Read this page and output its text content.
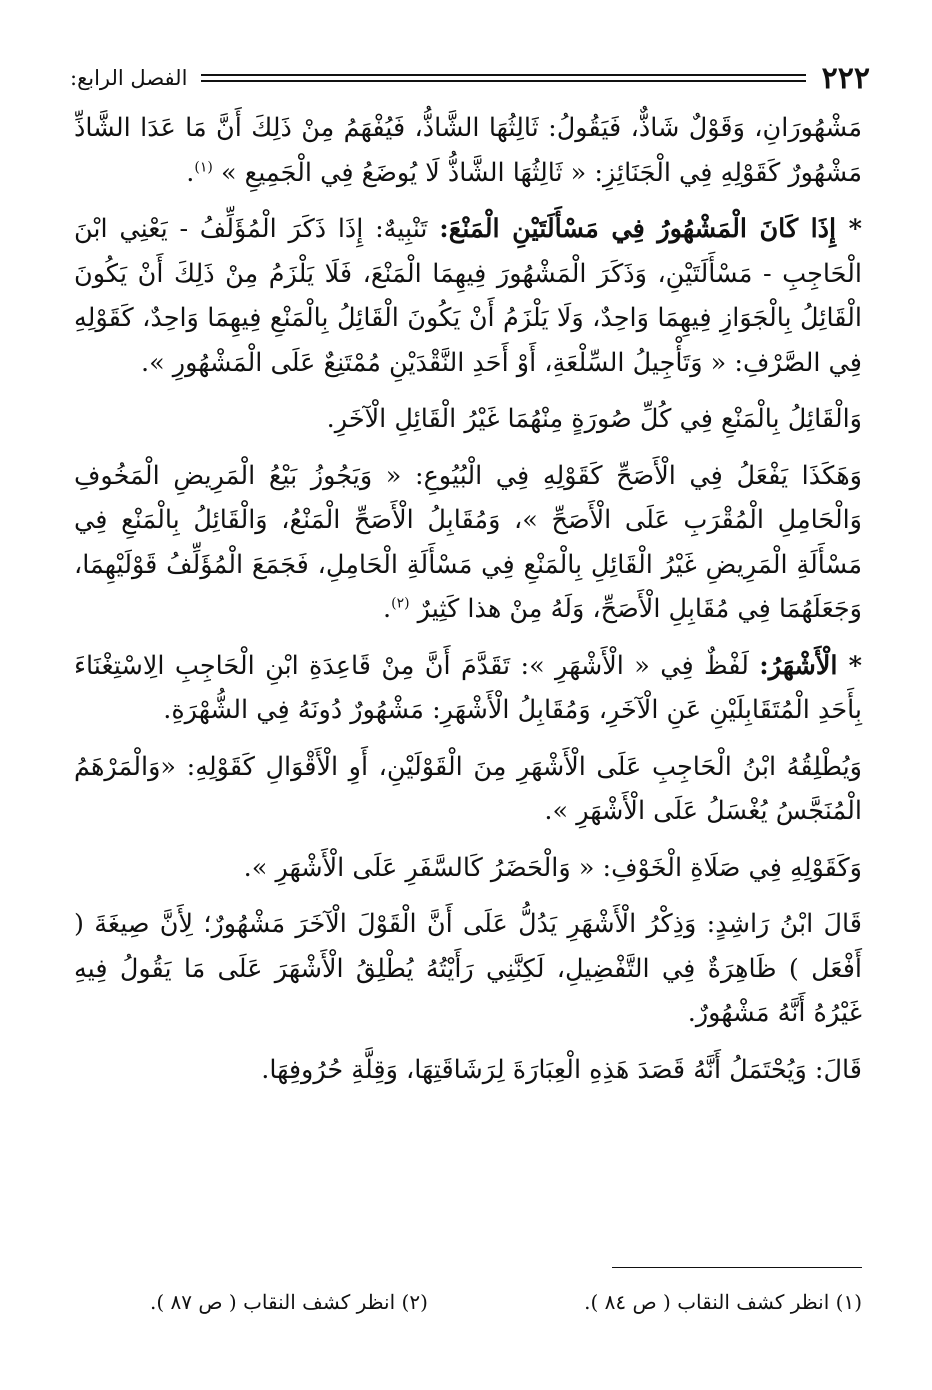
٢٢٢
الفصل الرابع:

مَشْهُورَانِ، وَقَوْلٌ شَاذٌّ، فَيَقُولُ: ثَالِثُهَا الشَّاذُّ، فَيُفْهَمُ مِنْ ذَلِكَ أَنَّ مَا عَدَا الشَّاذِّ مَشْهُورٌ كَقَوْلِهِ فِي الْجَنَائِزِ: « ثَالِثُهَا الشَّاذُّ لَا يُوضَعُ فِي الْجَمِيعِ » $^{(١)}$.

* إِذَا كَانَ الْمَشْهُورُ فِي مَسْأَلَتَيْنِ الْمَنْعَ: تَنْبِيهٌ: إِذَا ذَكَرَ الْمُؤَلِّفُ - يَعْنِي ابْنَ الْحَاجِبِ - مَسْأَلَتَيْنِ، وَذَكَرَ الْمَشْهُورَ فِيهِمَا الْمَنْعَ، فَلَا يَلْزَمُ مِنْ ذَلِكَ أَنْ يَكُونَ الْقَائِلُ بِالْجَوَازِ فِيهِمَا وَاحِدٌ، وَلَا يَلْزَمُ أَنْ يَكُونَ الْقَائِلُ بِالْمَنْعِ فِيهِمَا وَاحِدٌ، كَقَوْلِهِ فِي الصَّرْفِ: « وَتَأْجِيلُ السِّلْعَةِ، أَوْ أَحَدِ النَّقْدَيْنِ مُمْتَنِعٌ عَلَى الْمَشْهُورِ ».

وَالْقَائِلُ بِالْمَنْعِ فِي كُلِّ صُورَةٍ مِنْهُمَا غَيْرُ الْقَائِلِ الْآخَرِ.

وَهَكَذَا يَفْعَلُ فِي الْأَصَحِّ كَقَوْلِهِ فِي الْبُيُوعِ: « وَيَجُوزُ بَيْعُ الْمَرِيضِ الْمَخُوفِ وَالْحَامِلِ الْمُقْرَبِ عَلَى الْأَصَحِّ »، وَمُقَابِلُ الْأَصَحِّ الْمَنْعُ، وَالْقَائِلُ بِالْمَنْعِ فِي مَسْأَلَةِ الْمَرِيضِ غَيْرُ الْقَائِلِ بِالْمَنْعِ فِي مَسْأَلَةِ الْحَامِلِ، فَجَمَعَ الْمُؤَلِّفُ قَوْلَيْهِمَا، وَجَعَلَهُمَا فِي مُقَابِلِ الْأَصَحِّ، وَلَهُ مِنْ هذا كَثِيرٌ $^{(٢)}$.

* الْأَشْهَرُ: لَفْظٌ فِي « الْأَشْهَرِ »: تَقَدَّمَ أَنَّ مِنْ قَاعِدَةِ ابْنِ الْحَاجِبِ الِاسْتِغْنَاءَ بِأَحَدِ الْمُتَقَابِلَيْنِ عَنِ الْآخَرِ، وَمُقَابِلُ الْأَشْهَرِ: مَشْهُورٌ دُونَهُ فِي الشُّهْرَةِ.

وَيُطْلِقُهُ ابْنُ الْحَاجِبِ عَلَى الْأَشْهَرِ مِنَ الْقَوْلَيْنِ، أَوِ الْأَقْوَالِ كَقَوْلِهِ: «وَالْمَرْهَمُ الْمُنَجَّسُ يُغْسَلُ عَلَى الْأَشْهَرِ ».

وَكَقَوْلِهِ فِي صَلَاةِ الْخَوْفِ: « وَالْحَضَرُ كَالسَّفَرِ عَلَى الْأَشْهَرِ ».

قَالَ ابْنُ رَاشِدٍ: وَذِكْرُ الْأَشْهَرِ يَدُلُّ عَلَى أَنَّ الْقَوْلَ الْآخَرَ مَشْهُورٌ؛ لِأَنَّ صِيغَةَ ( أَفْعَل ) ظَاهِرَةٌ فِي التَّفْضِيلِ، لَكِنَّنِي رَأَيْتُهُ يُطْلِقُ الْأَشْهَرَ عَلَى مَا يَقُولُ فِيهِ غَيْرُهُ أَنَّهُ مَشْهُورٌ.

قَالَ: وَيُحْتَمَلُ أَنَّهُ قَصَدَ هَذِهِ الْعِبَارَةَ لِرَشَاقَتِهَا، وَقِلَّةِ حُرُوفِهَا.

(١) انظر كشف النقاب ( ص ٨٤ ).
(٢) انظر كشف النقاب ( ص ٨٧ ).
